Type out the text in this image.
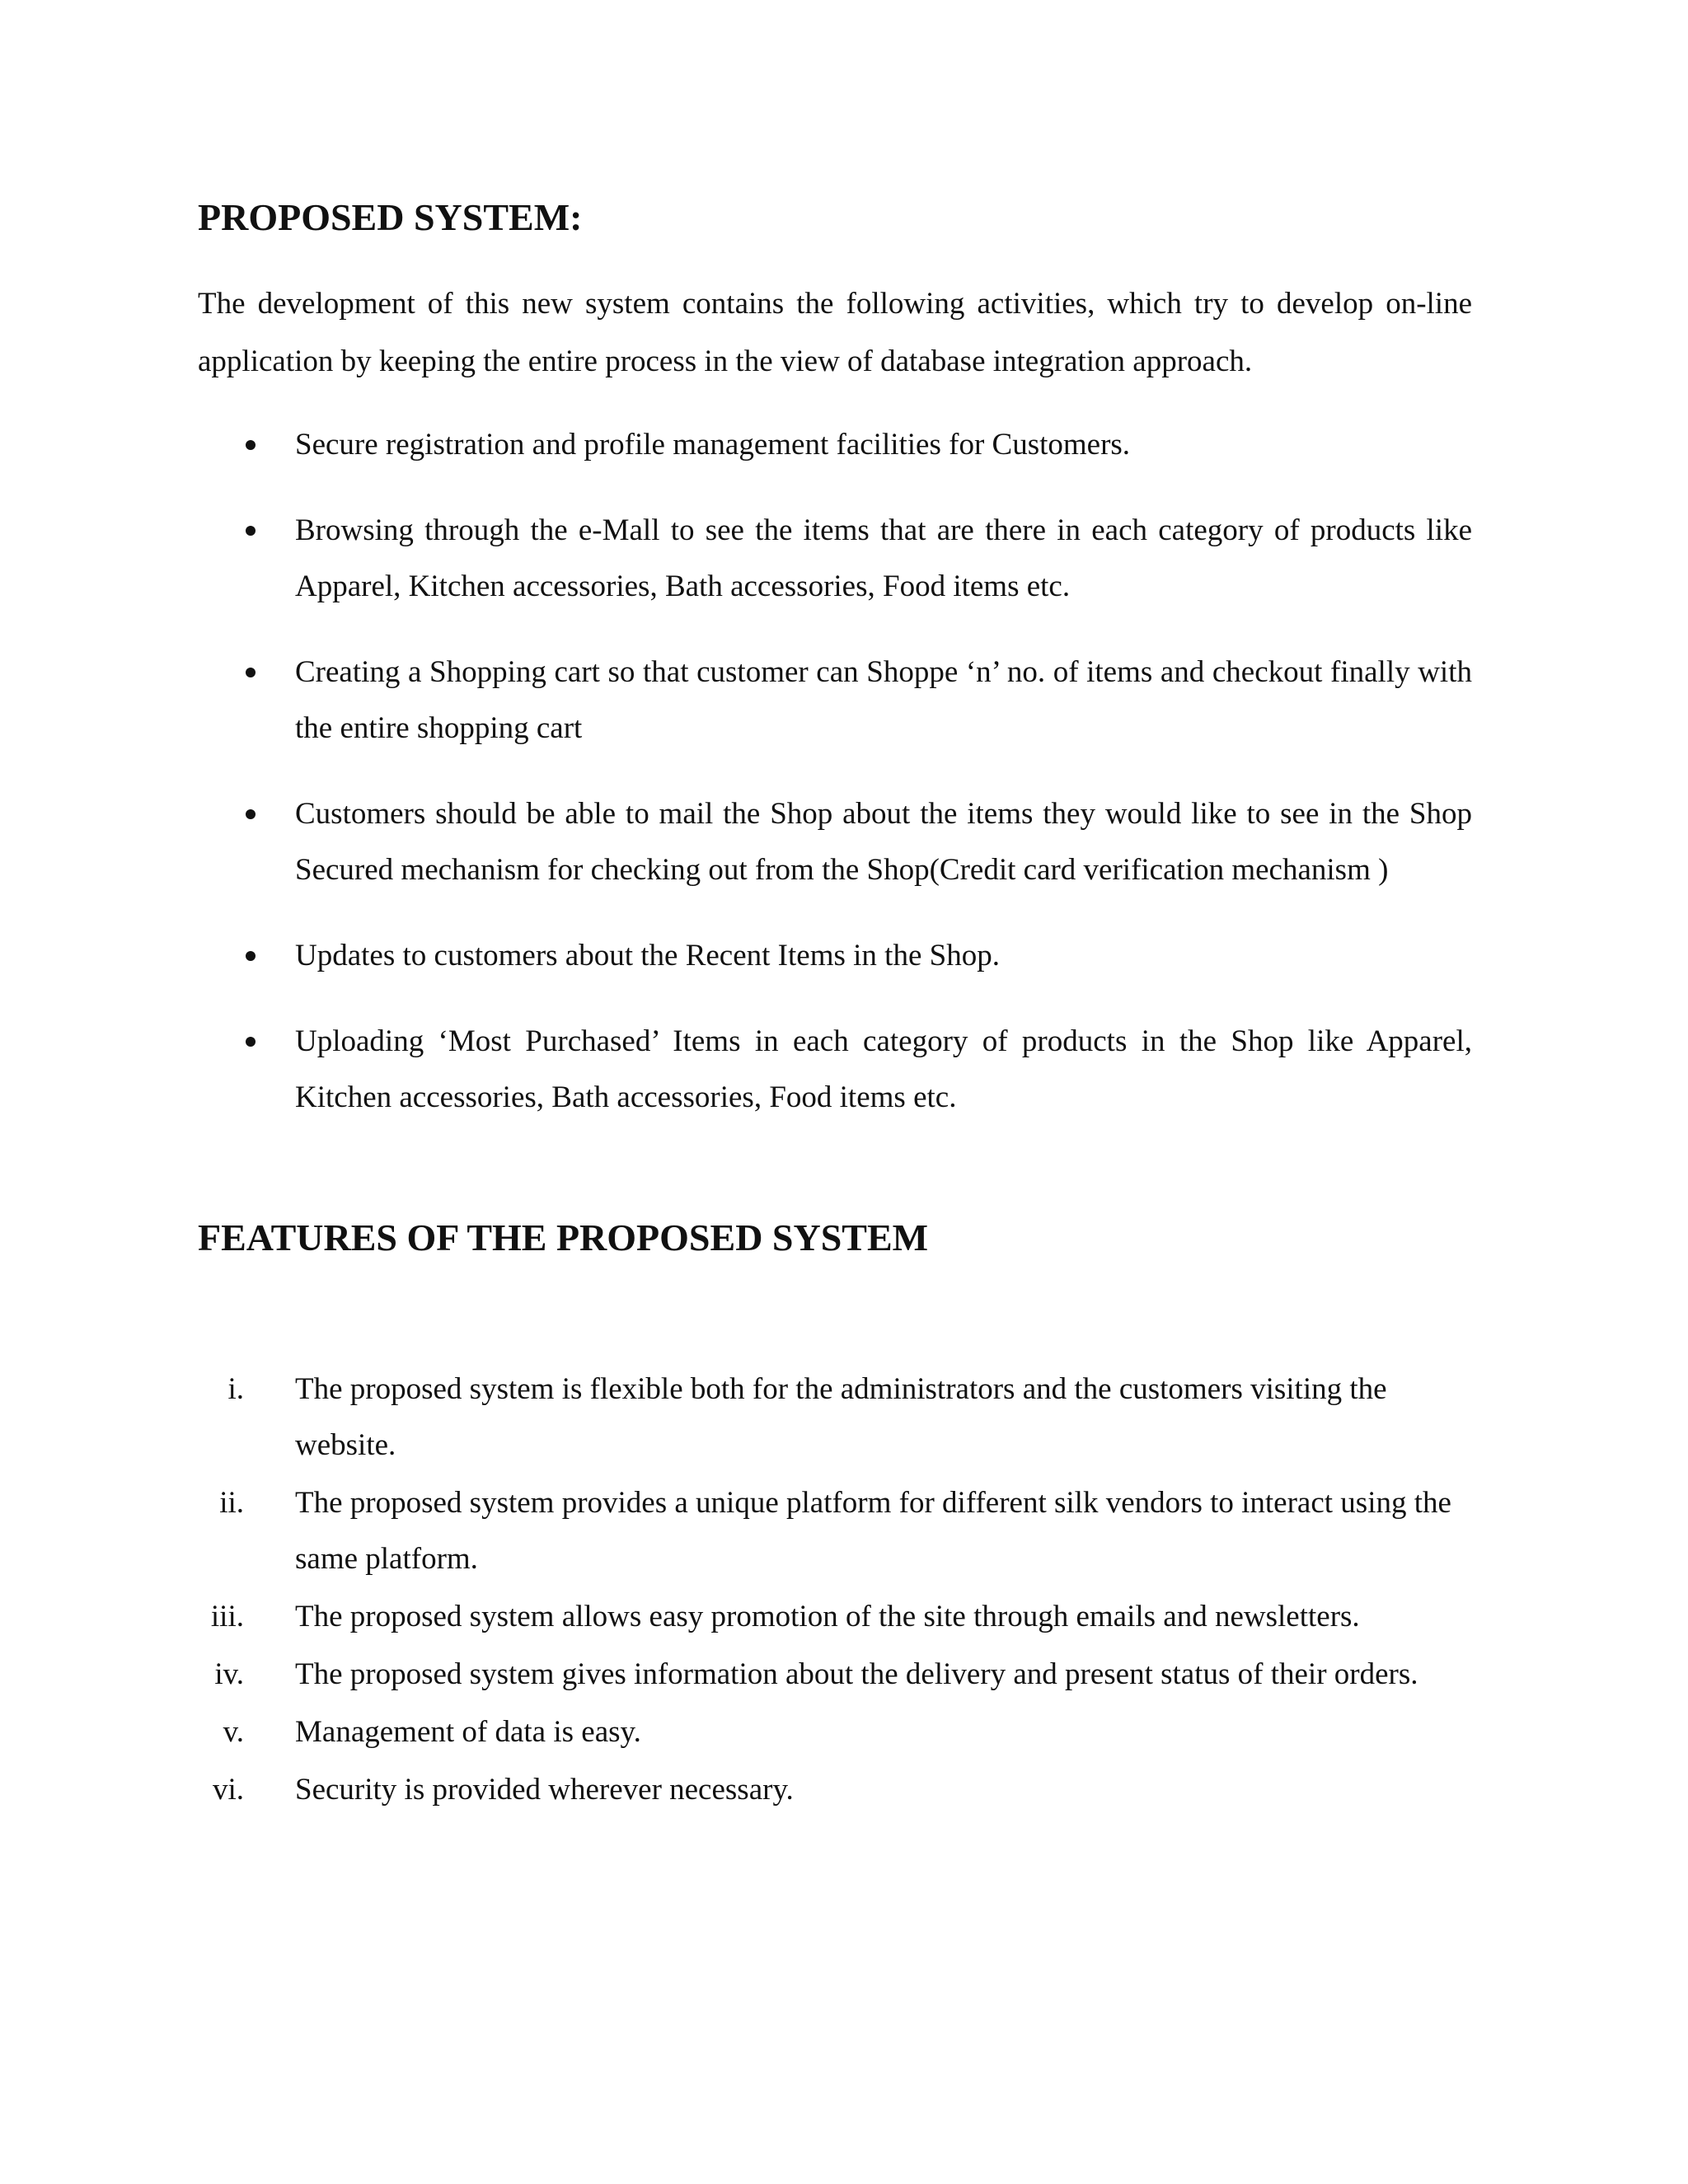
PROPOSED SYSTEM:

The development of this new system contains the following activities, which try to develop on-line application by keeping the entire process in the view of database integration approach.

Secure registration and profile management facilities for Customers.
Browsing through the e-Mall to see the items that are there in each category of products like Apparel, Kitchen accessories, Bath accessories, Food items etc.
Creating a Shopping cart so that customer can Shoppe ‘n’ no. of items and checkout finally with the entire shopping cart
Customers should be able to mail the Shop about the items they would like to see in the Shop Secured mechanism for checking out from the Shop(Credit card verification mechanism )
Updates to customers about the Recent Items in the Shop.
Uploading ‘Most Purchased’ Items in each category of products in the Shop like Apparel, Kitchen accessories, Bath accessories, Food items etc.
FEATURES OF THE PROPOSED SYSTEM
i. The proposed system is flexible both for the administrators and the customers visiting the website.
ii. The proposed system provides a unique platform for different silk vendors to interact using the same platform.
iii. The proposed system allows easy promotion of the site through emails and newsletters.
iv. The proposed system gives information about the delivery and present status of their orders.
v. Management of data is easy.
vi. Security is provided wherever necessary.
